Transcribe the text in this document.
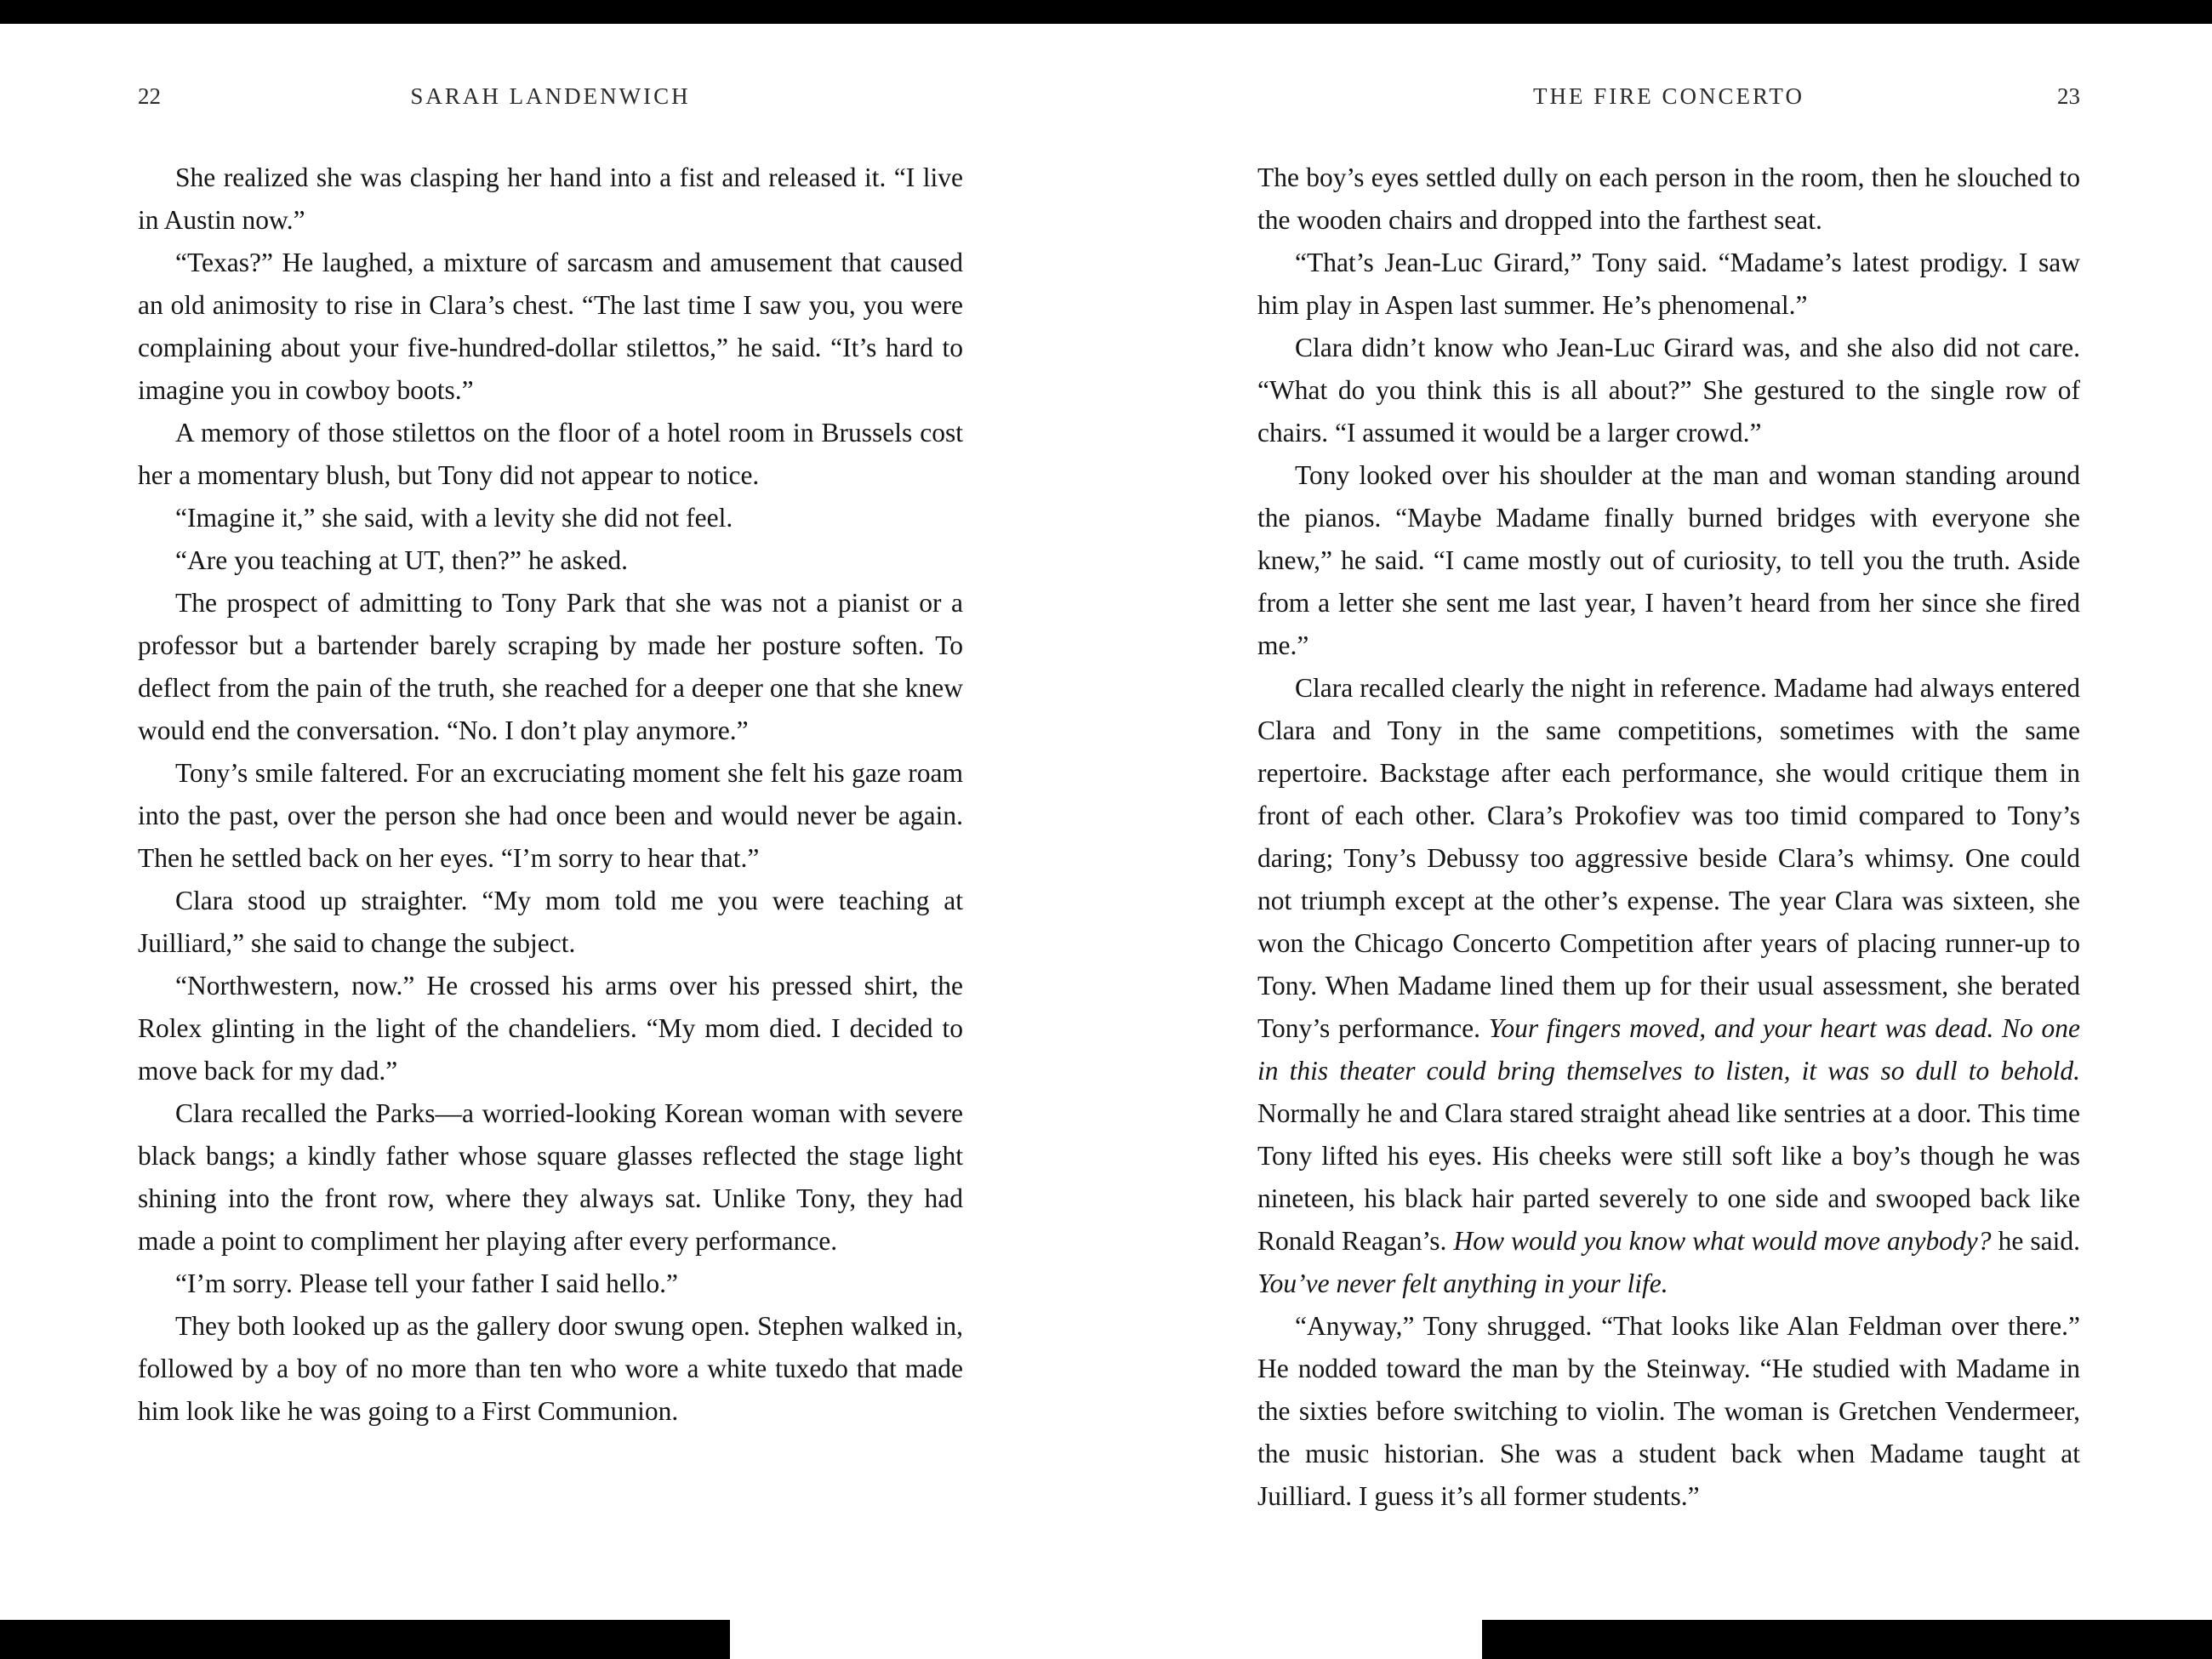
22	SARAH LANDENWICH

She realized she was clasping her hand into a fist and released it. “I live in Austin now.”

“Texas?” He laughed, a mixture of sarcasm and amusement that caused an old animosity to rise in Clara’s chest. “The last time I saw you, you were complaining about your five-hundred-dollar stilettos,” he said. “It’s hard to imagine you in cowboy boots.”

A memory of those stilettos on the floor of a hotel room in Brussels cost her a momentary blush, but Tony did not appear to notice.

“Imagine it,” she said, with a levity she did not feel.

“Are you teaching at UT, then?” he asked.

The prospect of admitting to Tony Park that she was not a pianist or a professor but a bartender barely scraping by made her posture soften. To deflect from the pain of the truth, she reached for a deeper one that she knew would end the conversation. “No. I don’t play anymore.”

Tony’s smile faltered. For an excruciating moment she felt his gaze roam into the past, over the person she had once been and would never be again. Then he settled back on her eyes. “I’m sorry to hear that.”

Clara stood up straighter. “My mom told me you were teaching at Juilliard,” she said to change the subject.

“Northwestern, now.” He crossed his arms over his pressed shirt, the Rolex glinting in the light of the chandeliers. “My mom died. I decided to move back for my dad.”

Clara recalled the Parks—a worried-looking Korean woman with severe black bangs; a kindly father whose square glasses reflected the stage light shining into the front row, where they always sat. Unlike Tony, they had made a point to compliment her playing after every performance.

“I’m sorry. Please tell your father I said hello.”

They both looked up as the gallery door swung open. Stephen walked in, followed by a boy of no more than ten who wore a white tuxedo that made him look like he was going to a First Communion.

THE FIRE CONCERTO	23

The boy’s eyes settled dully on each person in the room, then he slouched to the wooden chairs and dropped into the farthest seat.

“That’s Jean-Luc Girard,” Tony said. “Madame’s latest prodigy. I saw him play in Aspen last summer. He’s phenomenal.”

Clara didn’t know who Jean-Luc Girard was, and she also did not care. “What do you think this is all about?” She gestured to the single row of chairs. “I assumed it would be a larger crowd.”

Tony looked over his shoulder at the man and woman standing around the pianos. “Maybe Madame finally burned bridges with everyone she knew,” he said. “I came mostly out of curiosity, to tell you the truth. Aside from a letter she sent me last year, I haven’t heard from her since she fired me.”

Clara recalled clearly the night in reference. Madame had always entered Clara and Tony in the same competitions, sometimes with the same repertoire. Backstage after each performance, she would critique them in front of each other. Clara’s Prokofiev was too timid compared to Tony’s daring; Tony’s Debussy too aggressive beside Clara’s whimsy. One could not triumph except at the other’s expense. The year Clara was sixteen, she won the Chicago Concerto Competition after years of placing runner-up to Tony. When Madame lined them up for their usual assessment, she berated Tony’s performance. Your fingers moved, and your heart was dead. No one in this theater could bring themselves to listen, it was so dull to behold. Normally he and Clara stared straight ahead like sentries at a door. This time Tony lifted his eyes. His cheeks were still soft like a boy’s though he was nineteen, his black hair parted severely to one side and swooped back like Ronald Reagan’s. How would you know what would move anybody? he said. You’ve never felt anything in your life.

“Anyway,” Tony shrugged. “That looks like Alan Feldman over there.” He nodded toward the man by the Steinway. “He studied with Madame in the sixties before switching to violin. The woman is Gretchen Vendermeer, the music historian. She was a student back when Madame taught at Juilliard. I guess it’s all former students.”
